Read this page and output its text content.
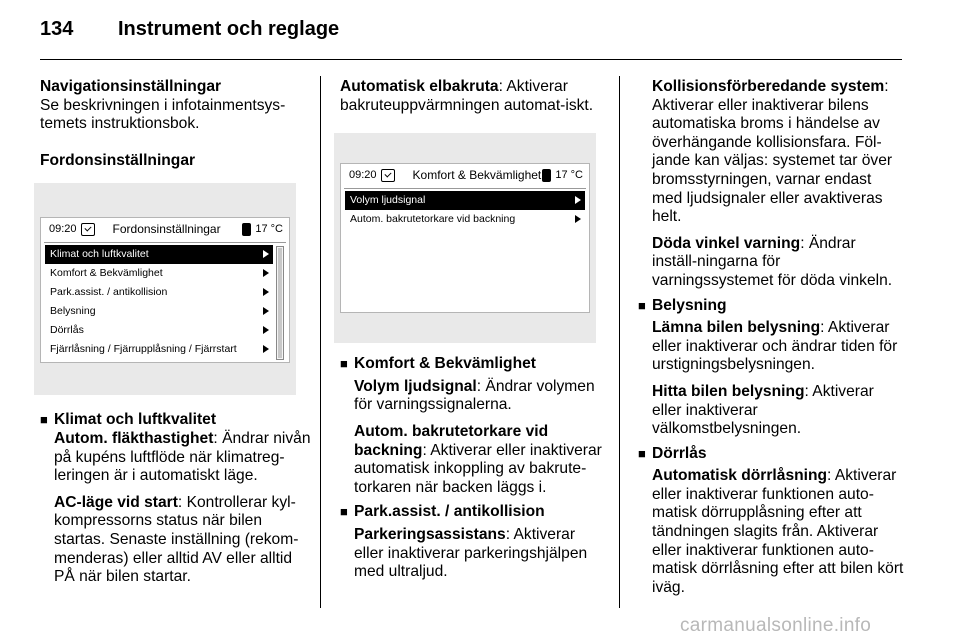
134	Instrument och reglage

Navigationsinställningar

Se beskrivningen i infotainmentsys-temets instruktionsbok.

Fordonsinställningar

09:20	Fordonsinställningar	17 °C
Klimat och luftkvalitet
Komfort & Bekvämlighet
Park.assist. / antikollision
Belysning
Dörrlås
Fjärrlåsning / Fjärrupplåsning / Fjärrstart
■ Klimat och luftkvalitet

Autom. fläkthastighet: Ändrar nivån på kupéns luftflöde när klimatreg-leringen är i automatiskt läge.

AC-läge vid start: Kontrollerar kyl-kompressorns status när bilen startas. Senaste inställning (rekom-menderas) eller alltid AV eller alltid PÅ när bilen startar.

Automatisk elbakruta: Aktiverar bakruteuppvärmningen automat-iskt.

09:20	Komfort & Bekvämlighet 17 °C
Volym ljudsignal
Autom. bakrutetorkare vid backning
■ Komfort & Bekvämlighet

Volym ljudsignal: Ändrar volymen för varningssignalerna.

Autom. bakrutetorkare vid backning: Aktiverar eller inaktiverar automatisk inkoppling av bakrute-torkaren när backen läggs i.

■ Park.assist. / antikollision

Parkeringsassistans: Aktiverar eller inaktiverar parkeringshjälpen med ultraljud.

Kollisionsförberedande system: Aktiverar eller inaktiverar bilens automatiska broms i händelse av överhängande kollisionsfara. Föl-jande kan väljas: systemet tar över bromsstyrningen, varnar endast med ljudsignaler eller avaktiveras helt.

Döda vinkel varning: Ändrar inställ-ningarna för varningssystemet för döda vinkeln.

■ Belysning

Lämna bilen belysning: Aktiverar eller inaktiverar och ändrar tiden för urstigningsbelysningen.

Hitta bilen belysning: Aktiverar eller inaktiverar välkomstbelysningen.

■ Dörrlås

Automatisk dörrlåsning: Aktiverar eller inaktiverar funktionen auto-matisk dörrupplåsning efter att tändningen slagits från. Aktiverar eller inaktiverar funktionen auto-matisk dörrlåsning efter att bilen kört iväg.

carmanualsonline.info
